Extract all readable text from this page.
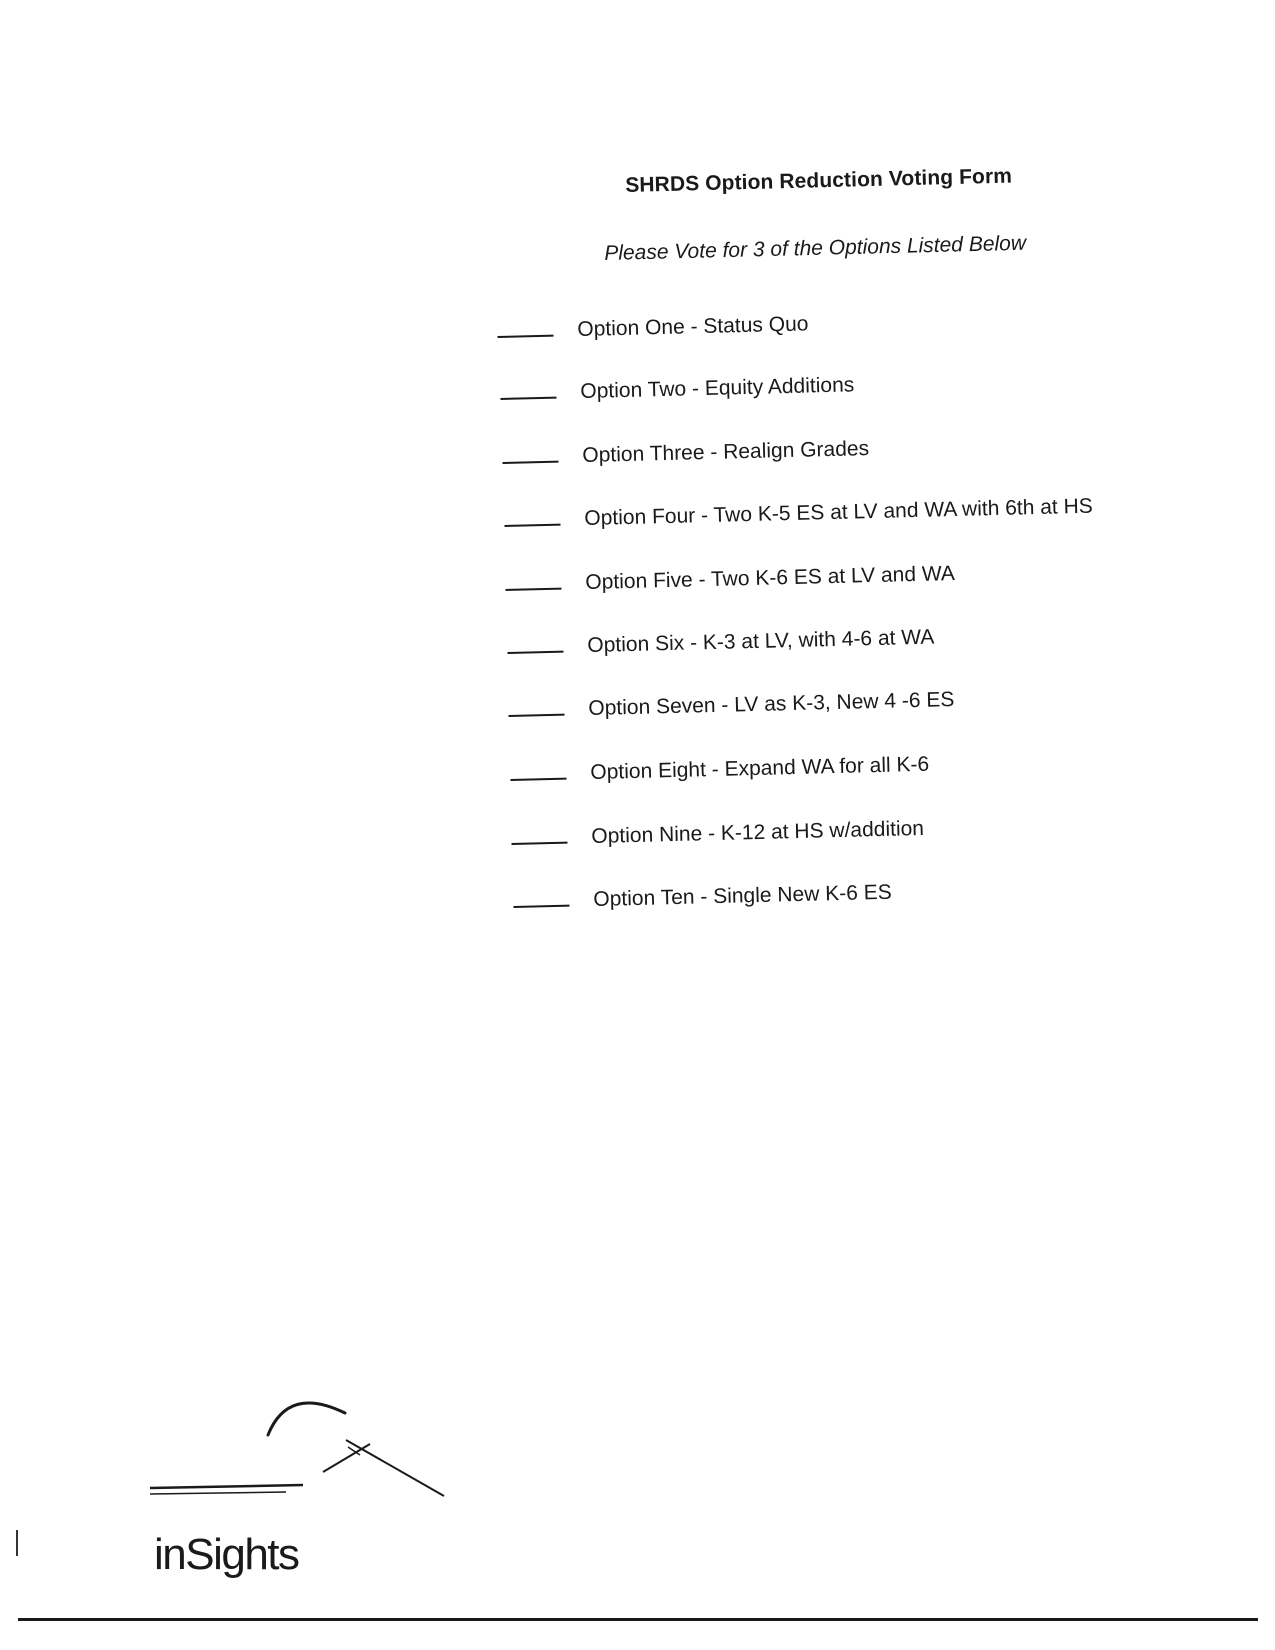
SHRDS Option Reduction Voting Form
Please Vote for 3 of the Options Listed Below
Option One - Status Quo
Option Two - Equity Additions
Option Three - Realign Grades
Option Four - Two K-5 ES at LV and WA with 6th at HS
Option Five - Two K-6 ES at LV and WA
Option Six - K-3 at LV, with 4-6 at WA
Option Seven - LV as K-3, New 4 -6 ES
Option Eight - Expand WA for all K-6
Option Nine - K-12 at HS w/addition
Option Ten - Single New K-6 ES
inSights
